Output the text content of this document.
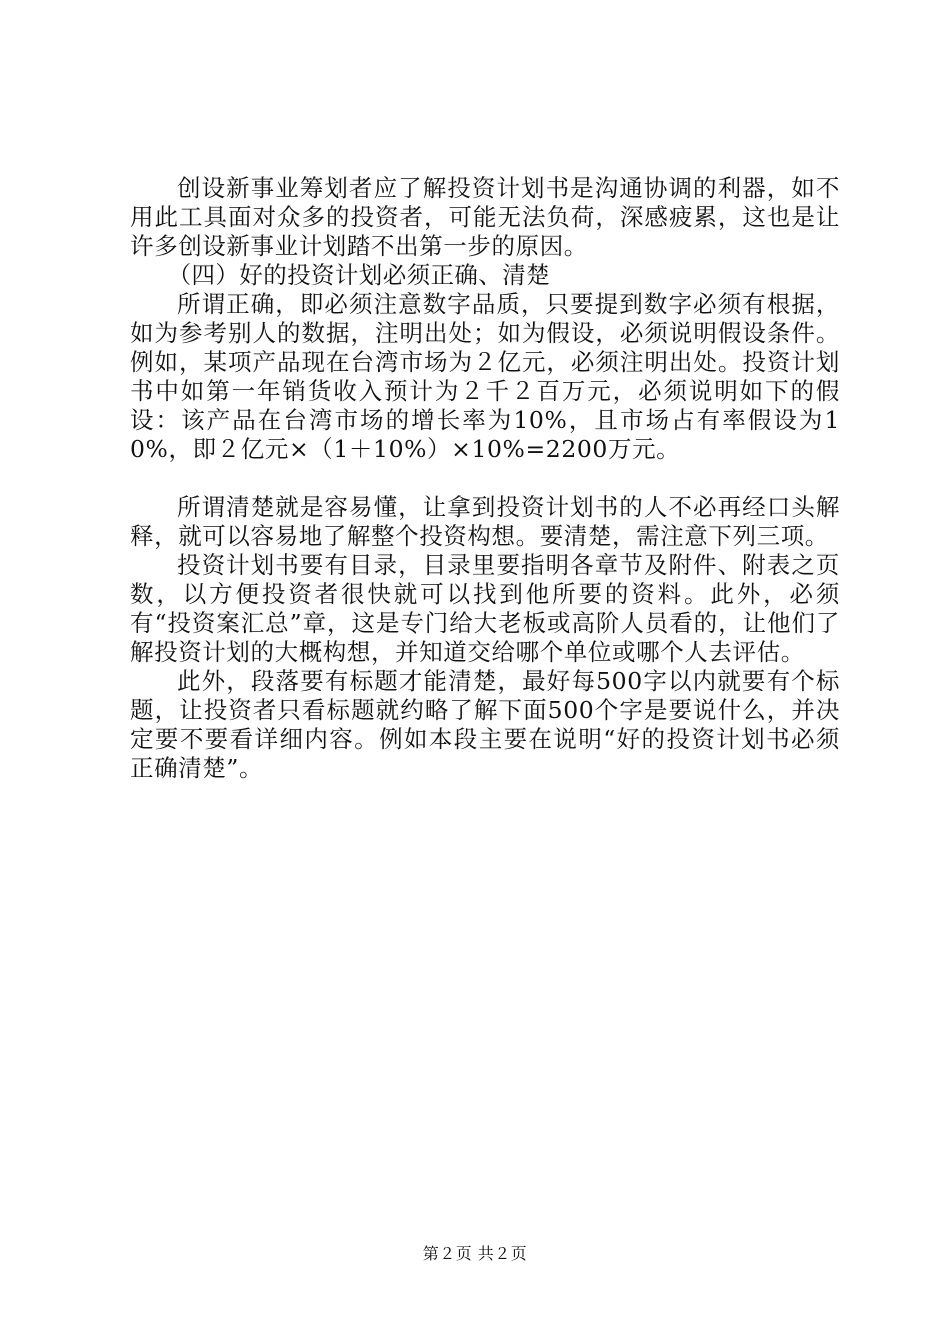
创设新事业筹划者应了解投资计划书是沟通协调的利器，如不用此工具面对众多的投资者，可能无法负荷，深感疲累，这也是让许多创设新事业计划踏不出第一步的原因。

（四）好的投资计划必须正确、清楚

所谓正确，即必须注意数字品质，只要提到数字必须有根据，如为参考别人的数据，注明出处；如为假设，必须说明假设条件。例如，某项产品现在台湾市场为２亿元，必须注明出处。投资计划书中如第一年销货收入预计为２千２百万元，必须说明如下的假设：该产品在台湾市场的增长率为10%，且市场占有率假设为10%，即２亿元×（1＋10%）×10%=2200万元。

所谓清楚就是容易懂，让拿到投资计划书的人不必再经口头解释，就可以容易地了解整个投资构想。要清楚，需注意下列三项。

投资计划书要有目录，目录里要指明各章节及附件、附表之页数，以方便投资者很快就可以找到他所要的资料。此外，必须有“投资案汇总”章，这是专门给大老板或高阶人员看的，让他们了解投资计划的大概构想，并知道交给哪个单位或哪个人去评估。

此外，段落要有标题才能清楚，最好每500字以内就要有个标题，让投资者只看标题就约略了解下面500个字是要说什么，并决定要不要看详细内容。例如本段主要在说明“好的投资计划书必须正确清楚”。

第２页 共２页
